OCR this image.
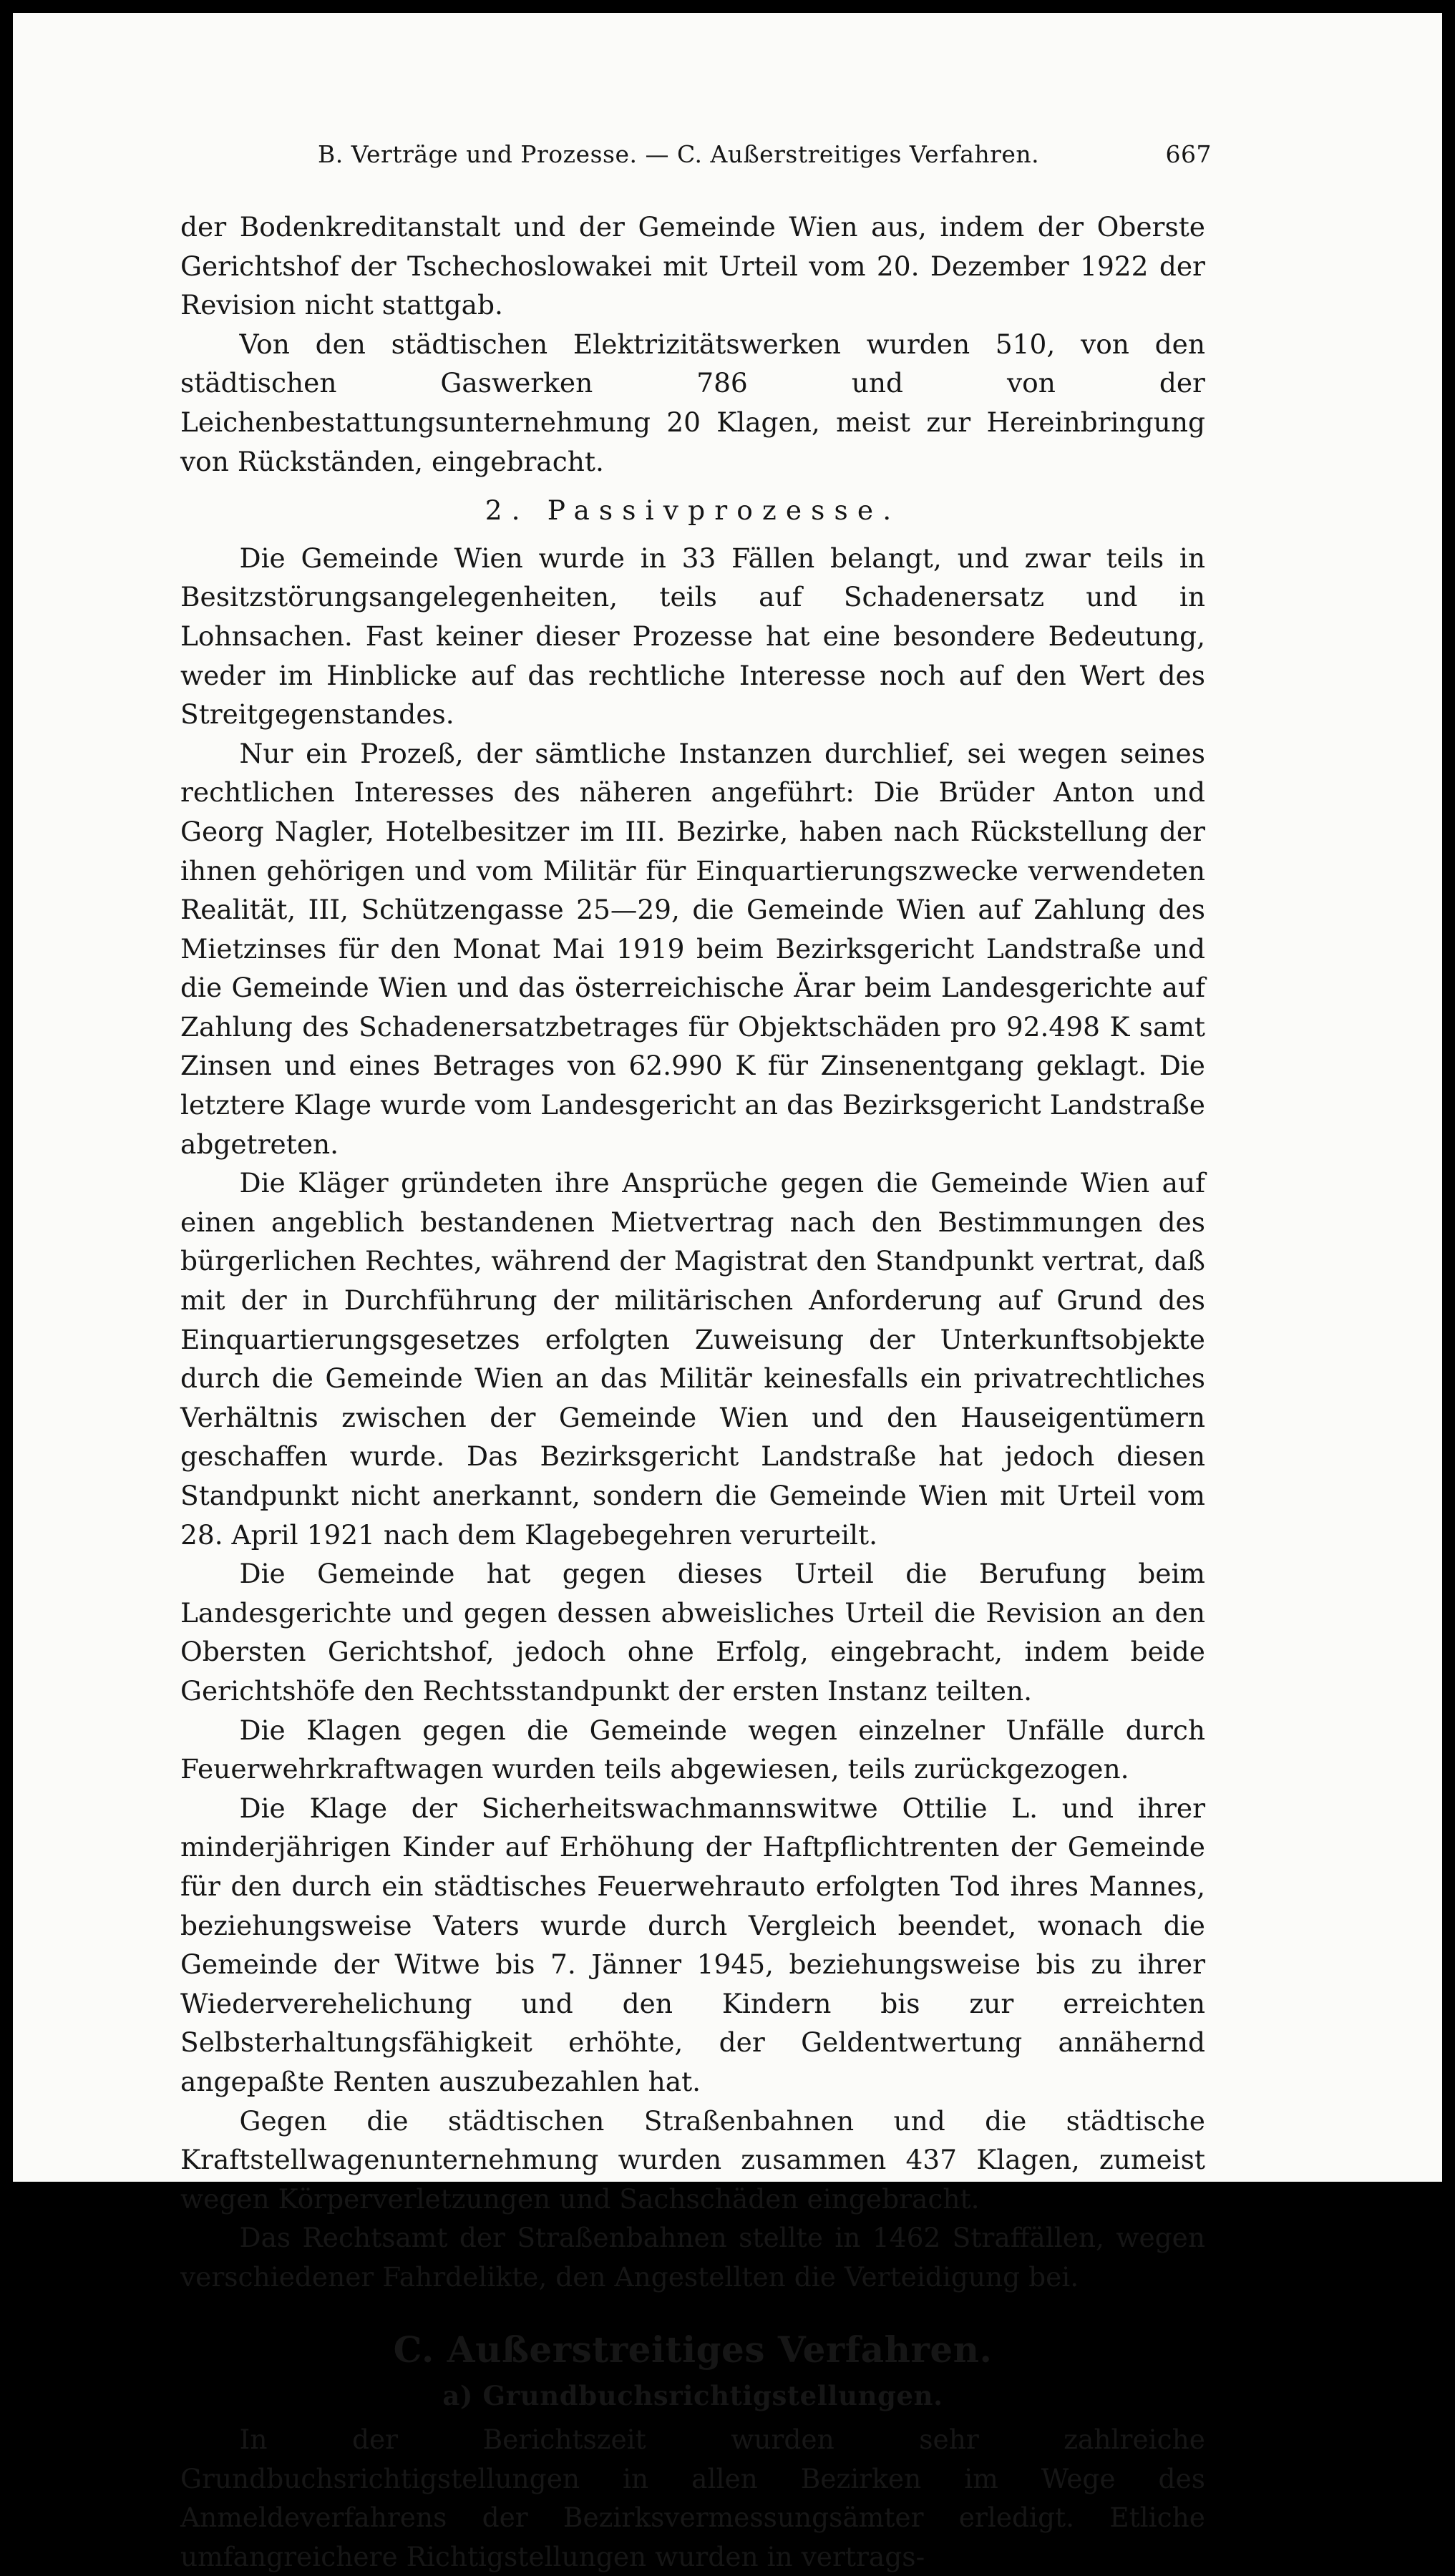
B. Verträge und Prozesse. — C. Außerstreitiges Verfahren.	667

der Bodenkreditanstalt und der Gemeinde Wien aus, indem der Oberste Gerichtshof der Tschechoslowakei mit Urteil vom 20. Dezember 1922 der Revision nicht stattgab.

Von den städtischen Elektrizitätswerken wurden 510, von den städtischen Gaswerken 786 und von der Leichenbestattungsunternehmung 20 Klagen, meist zur Hereinbringung von Rückständen, eingebracht.

2. Passivprozesse.

Die Gemeinde Wien wurde in 33 Fällen belangt, und zwar teils in Besitzstörungsangelegenheiten, teils auf Schadenersatz und in Lohnsachen. Fast keiner dieser Prozesse hat eine besondere Bedeutung, weder im Hinblicke auf das rechtliche Interesse noch auf den Wert des Streitgegenstandes.

Nur ein Prozeß, der sämtliche Instanzen durchlief, sei wegen seines rechtlichen Interesses des näheren angeführt: Die Brüder Anton und Georg Nagler, Hotelbesitzer im III. Bezirke, haben nach Rückstellung der ihnen gehörigen und vom Militär für Einquartierungszwecke verwendeten Realität, III, Schützengasse 25—29, die Gemeinde Wien auf Zahlung des Mietzinses für den Monat Mai 1919 beim Bezirksgericht Landstraße und die Gemeinde Wien und das österreichische Ärar beim Landesgerichte auf Zahlung des Schadenersatzbetrages für Objektschäden pro 92.498 K samt Zinsen und eines Betrages von 62.990 K für Zinsenentgang geklagt. Die letztere Klage wurde vom Landesgericht an das Bezirksgericht Landstraße abgetreten.

Die Kläger gründeten ihre Ansprüche gegen die Gemeinde Wien auf einen angeblich bestandenen Mietvertrag nach den Bestimmungen des bürgerlichen Rechtes, während der Magistrat den Standpunkt vertrat, daß mit der in Durchführung der militärischen Anforderung auf Grund des Einquartierungsgesetzes erfolgten Zuweisung der Unterkunftsobjekte durch die Gemeinde Wien an das Militär keinesfalls ein privatrechtliches Verhältnis zwischen der Gemeinde Wien und den Hauseigentümern geschaffen wurde. Das Bezirksgericht Landstraße hat jedoch diesen Standpunkt nicht anerkannt, sondern die Gemeinde Wien mit Urteil vom 28. April 1921 nach dem Klagebegehren verurteilt.

Die Gemeinde hat gegen dieses Urteil die Berufung beim Landesgerichte und gegen dessen abweisliches Urteil die Revision an den Obersten Gerichtshof, jedoch ohne Erfolg, eingebracht, indem beide Gerichtshöfe den Rechtsstandpunkt der ersten Instanz teilten.

Die Klagen gegen die Gemeinde wegen einzelner Unfälle durch Feuerwehrkraftwagen wurden teils abgewiesen, teils zurückgezogen.

Die Klage der Sicherheitswachmannswitwe Ottilie L. und ihrer minderjährigen Kinder auf Erhöhung der Haftpflichtrenten der Gemeinde für den durch ein städtisches Feuerwehrauto erfolgten Tod ihres Mannes, beziehungsweise Vaters wurde durch Vergleich beendet, wonach die Gemeinde der Witwe bis 7. Jänner 1945, beziehungsweise bis zu ihrer Wiederverehelichung und den Kindern bis zur erreichten Selbsterhaltungsfähigkeit erhöhte, der Geldentwertung annähernd angepaßte Renten auszubezahlen hat.

Gegen die städtischen Straßenbahnen und die städtische Kraftstellwagenunternehmung wurden zusammen 437 Klagen, zumeist wegen Körperverletzungen und Sachschäden eingebracht.

Das Rechtsamt der Straßenbahnen stellte in 1462 Straffällen, wegen verschiedener Fahrdelikte, den Angestellten die Verteidigung bei.

C. Außerstreitiges Verfahren.
a) Grundbuchsrichtigstellungen.

In der Berichtszeit wurden sehr zahlreiche Grundbuchsrichtigstellungen in allen Bezirken im Wege des Anmeldeverfahrens der Bezirksvermessungsämter erledigt. Etliche umfangreichere Richtigstellungen wurden in vertrags-
